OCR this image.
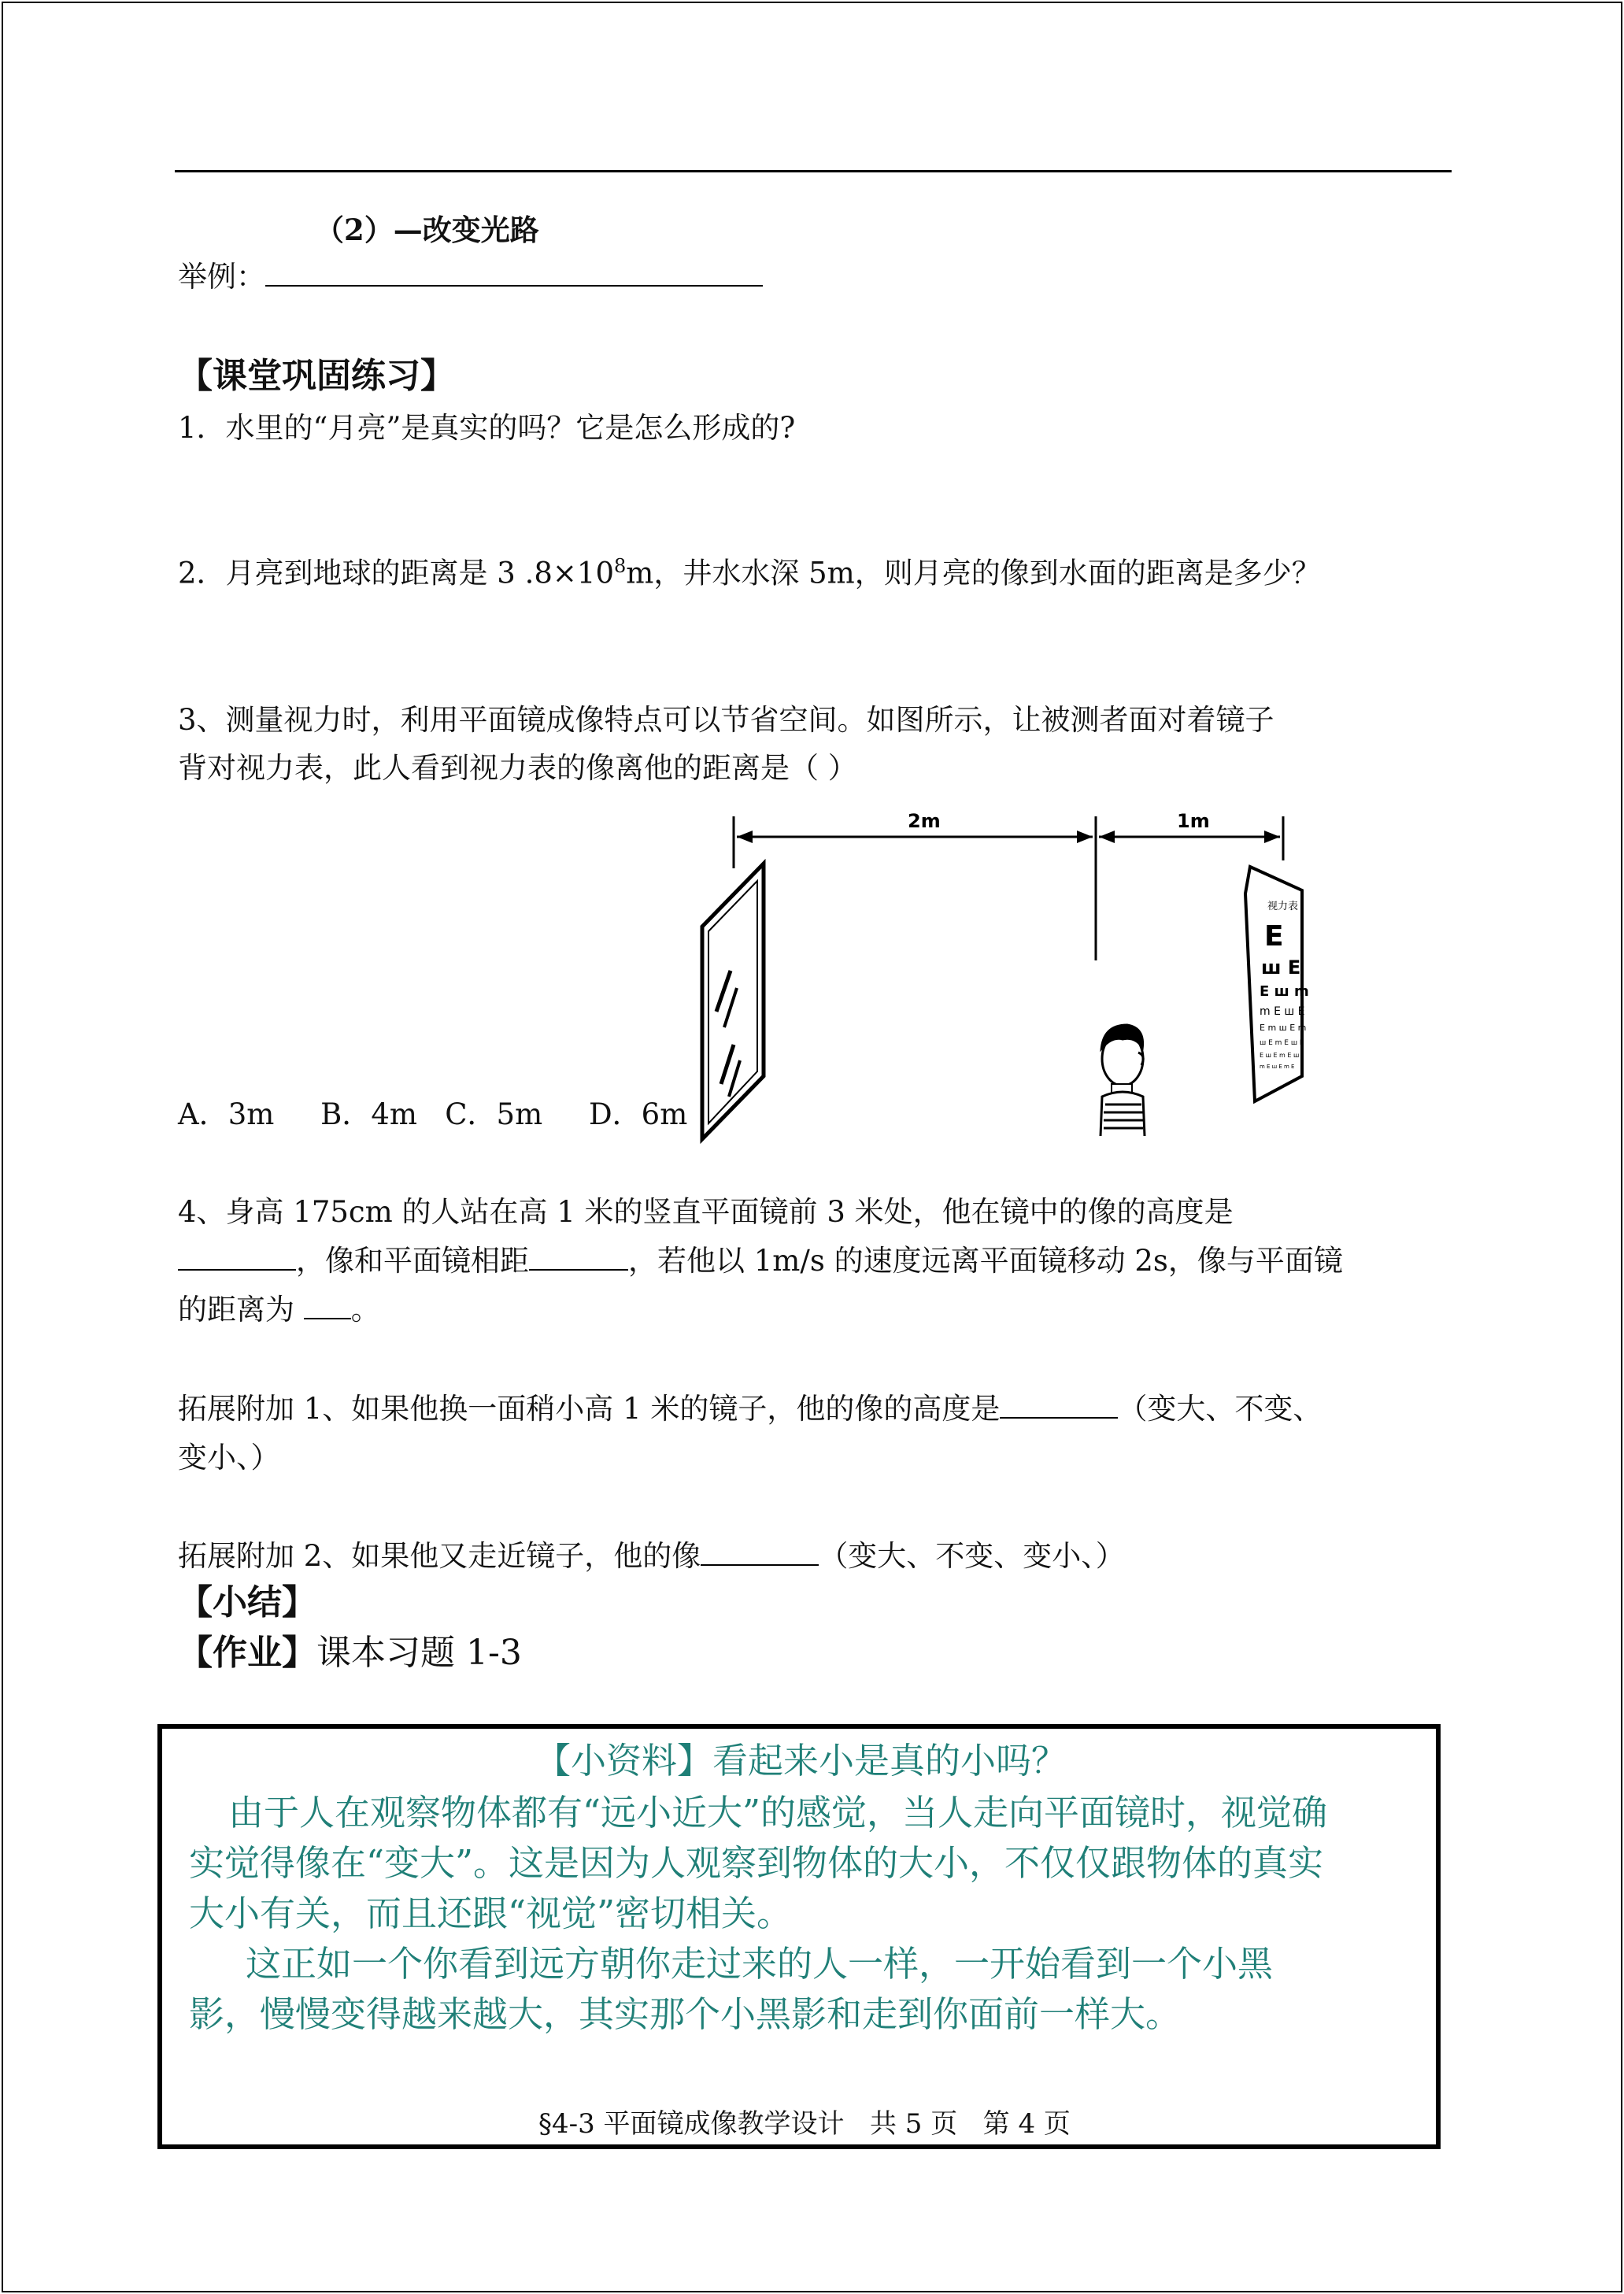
（2）—改变光路
举例：
【课堂巩固练习】
1．水里的“月亮”是真实的吗？它是怎么形成的?
2．月亮到地球的距离是 3 $.8\times 10^8m$，井水水深 5m，则月亮的像到水面的距离是多少？
3、测量视力时，利用平面镜成像特点可以节省空间。如图所示，让被测者面对着镜子
背对视力表，此人看到视力表的像离他的距离是（ ）
2m	1m
视力表
E
ш E
E ш m
m E ш E
E m ш E m
ш E m E ш E
E ш E m E ш
m E ш E m E
A．3m     B．4m   C．5m     D．6m
4、身高 175cm 的人站在高 1 米的竖直平面镜前 3 米处，他在镜中的像的高度是
，像和平面镜相距	，若他以 1m/s 的速度远离平面镜移动 2s，像与平面镜
的距离为 。
拓展附加 1、如果他换一面稍小高 1 米的镜子，他的像的高度是	（变大、不变、
变小、）
拓展附加 2、如果他又走近镜子，他的像	（变大、不变、变小、）
【小结】
【作业】课本习题 1-3
【小资料】看起来小是真的小吗？
由于人在观察物体都有“远小近大”的感觉，当人走向平面镜时，视觉确
实觉得像在“变大”。这是因为人观察到物体的大小，不仅仅跟物体的真实
大小有关，而且还跟“视觉”密切相关。
这正如一个你看到远方朝你走过来的人一样，一开始看到一个小黑
影，慢慢变得越来越大，其实那个小黑影和走到你面前一样大。
§4-3 平面镜成像教学设计   共 5 页   第 4 页
